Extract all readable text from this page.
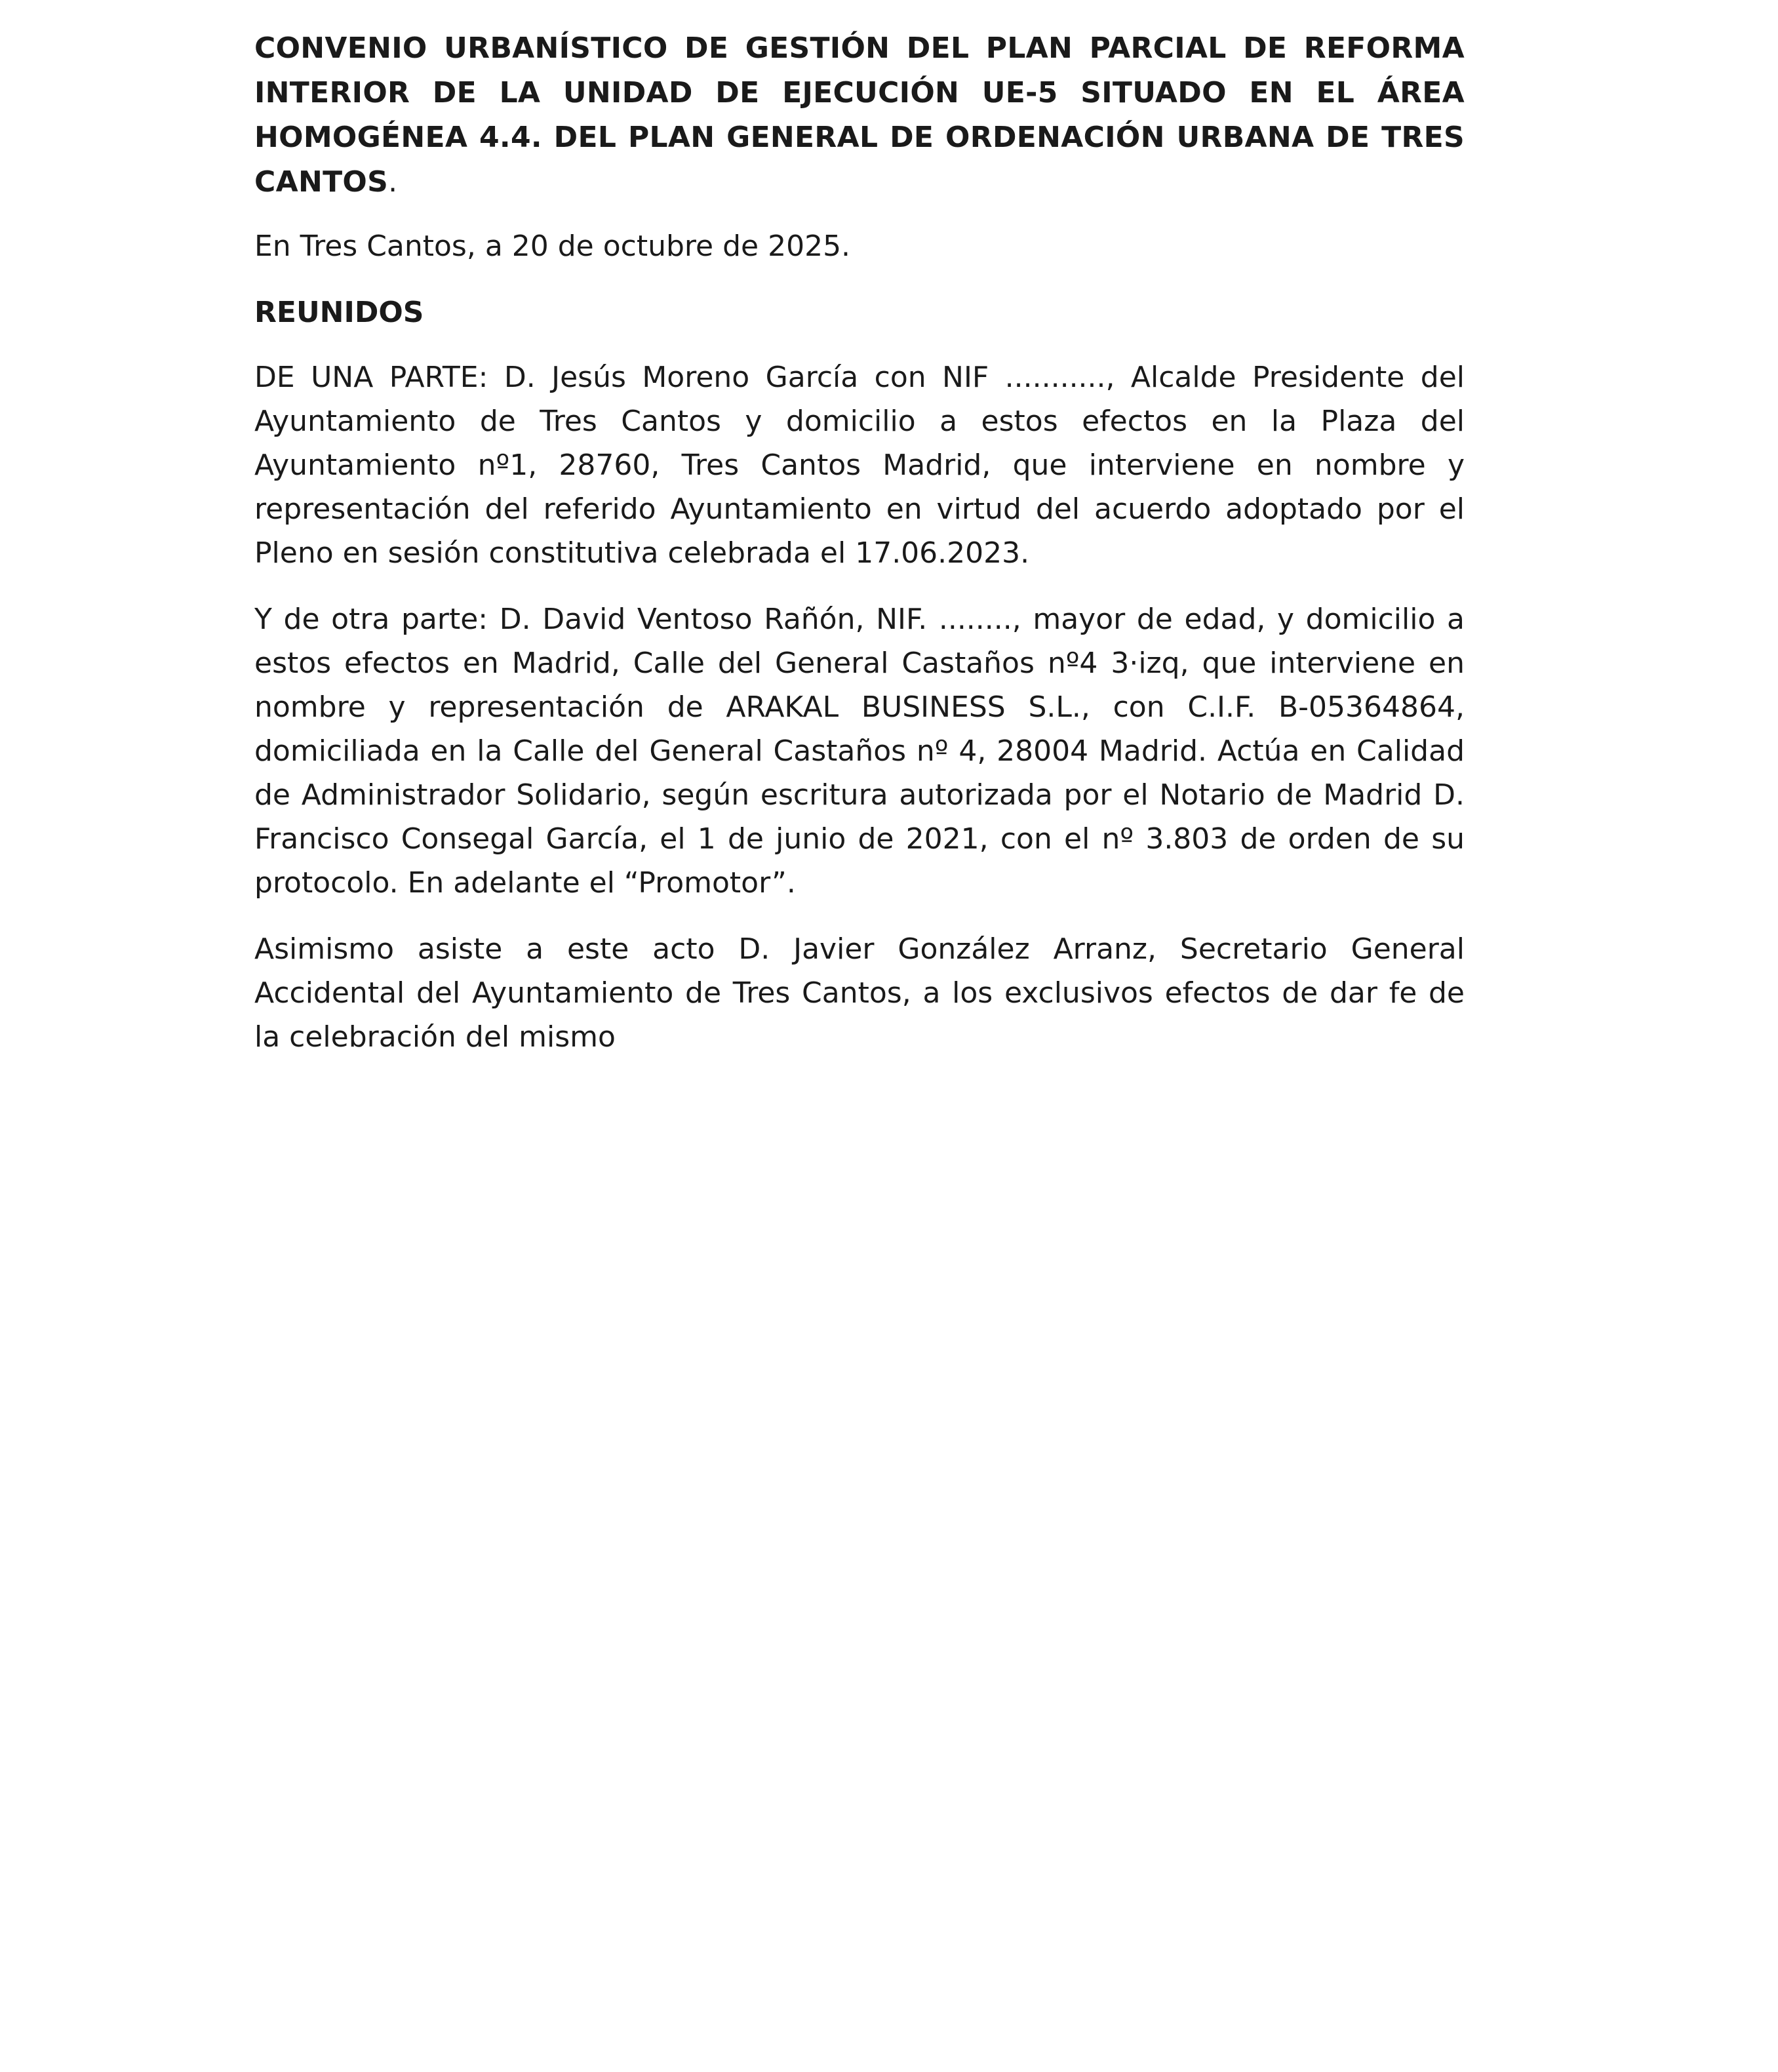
CONVENIO URBANÍSTICO DE GESTIÓN DEL PLAN PARCIAL DE REFORMA INTERIOR DE LA UNIDAD DE EJECUCIÓN UE-5 SITUADO EN EL ÁREA HOMOGÉNEA 4.4. DEL PLAN GENERAL DE ORDENACIÓN URBANA DE TRES CANTOS.

En Tres Cantos, a 20 de octubre de 2025.

REUNIDOS

DE UNA PARTE: D. Jesús Moreno García con NIF ..........., Alcalde Presidente del Ayuntamiento de Tres Cantos y domicilio a estos efectos en la Plaza del Ayuntamiento nº1, 28760, Tres Cantos Madrid, que interviene en nombre y representación del referido Ayuntamiento en virtud del acuerdo adoptado por el Pleno en sesión constitutiva celebrada el 17.06.2023.

Y de otra parte: D. David Ventoso Rañón, NIF. ........, mayor de edad, y domicilio a estos efectos en Madrid, Calle del General Castaños nº4 3·izq, que interviene en nombre y representación de ARAKAL BUSINESS S.L., con C.I.F. B-05364864, domiciliada en la Calle del General Castaños nº 4, 28004 Madrid. Actúa en Calidad de Administrador Solidario, según escritura autorizada por el Notario de Madrid D. Francisco Consegal García, el 1 de junio de 2021, con el nº 3.803 de orden de su protocolo. En adelante el “Promotor”.

Asimismo asiste a este acto D. Javier González Arranz, Secretario General Accidental del Ayuntamiento de Tres Cantos, a los exclusivos efectos de dar fe de la celebración del mismo
